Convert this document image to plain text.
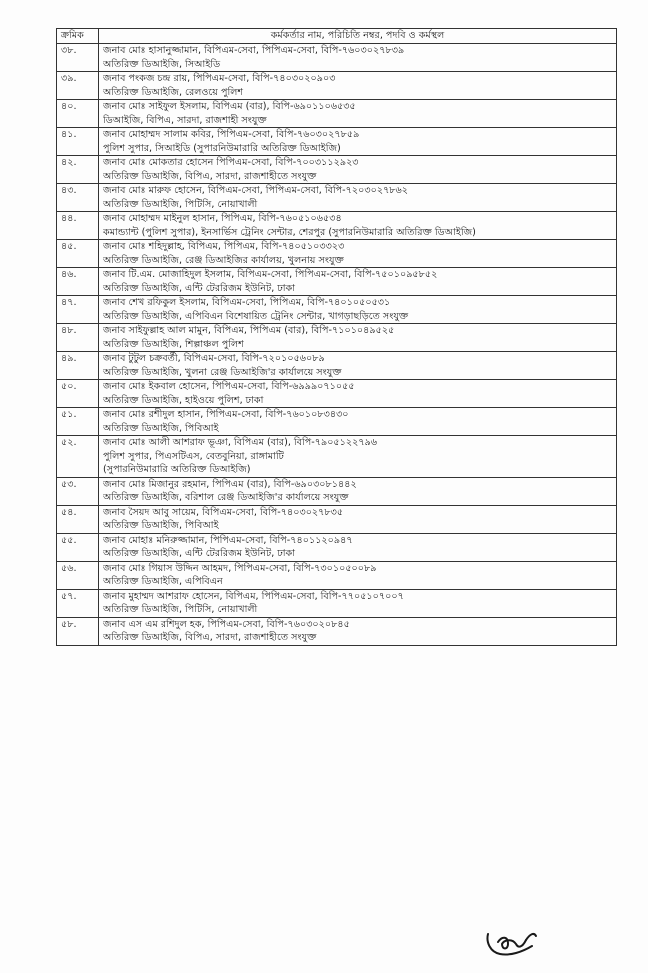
ক্রমিক	কর্মকর্তার নাম, পরিচিতি নম্বর, পদবি ও কর্মস্থল
৩৮.	জনাব মোঃ হাসানুজ্জামান, বিপিএম-সেবা, পিপিএম-সেবা, বিপি-৭৬০৩০২৭৮৩৯
অতিরিক্ত ডিআইজি, সিআইডি

৩৯.	জনাব পংকজ চন্দ্র রায়, পিপিএম-সেবা, বিপি-৭৪০৩০২০৯০৩
অতিরিক্ত ডিআইজি, রেলওয়ে পুলিশ

৪০.	জনাব মোঃ সাইফুল ইসলাম, বিপিএম (বার), বিপি-৬৯০১১০৬৫৩৫
ডিআইজি, বিপিএ, সারদা, রাজশাহী সংযুক্ত

৪১.	জনাব মোহাম্মদ সালাম কবির, পিপিএম-সেবা, বিপি-৭৬০৩০২৭৮৫৯
পুলিশ সুপার, সিআইডি (সুপারনিউমারারি অতিরিক্ত ডিআইজি)

৪২.	জনাব মোঃ মোকতার হোসেন পিপিএম-সেবা, বিপি-৭০০৩১১২৯২৩
অতিরিক্ত ডিআইজি, বিপিএ, সারদা, রাজশাহীতে সংযুক্ত

৪৩.	জনাব মোঃ মারুফ হোসেন, বিপিএম-সেবা, পিপিএম-সেবা, বিপি-৭২০৩০২৭৮৬২
অতিরিক্ত ডিআইজি, পিটিসি, নোয়াখালী

৪৪.	জনাব মোহাম্মদ মাইনুল হাসান, পিপিএম, বিপি-৭৬০৫১০৬৫৩৪
কমান্ড্যান্ট (পুলিশ সুপার), ইনসার্ভিস ট্রেনিং সেন্টার, শেরপুর (সুপারনিউমারারি অতিরিক্ত ডিআইজি)

৪৫.	জনাব মোঃ শহিদুল্লাহ, বিপিএম, পিপিএম, বিপি-৭৪০৫১০৩৩২৩
অতিরিক্ত ডিআইজি, রেঞ্জ ডিআইজির কার্যালয়, খুলনায় সংযুক্ত

৪৬.	জনাব টি.এম. মোজাহিদুল ইসলাম, বিপিএম-সেবা, পিপিএম-সেবা, বিপি-৭৫০১০৯৫৮৫২
অতিরিক্ত ডিআইজি, এন্টি টেররিজম ইউনিট, ঢাকা

৪৭.	জনাব শেখ রফিকুল ইসলাম, বিপিএম-সেবা, পিপিএম, বিপি-৭৪০১০৫০৫৩১
অতিরিক্ত ডিআইজি, এপিবিএন বিশেষায়িত ট্রেনিং সেন্টার, খাগড়াছড়িতে সংযুক্ত

৪৮.	জনাব সাইফুল্লাহ আল মামুন, বিপিএম, পিপিএম (বার), বিপি-৭১০১০৪৯৫২৫
অতিরিক্ত ডিআইজি, শিল্পাঞ্চল পুলিশ

৪৯.	জনাব টুটুল চক্রবর্তী, বিপিএম-সেবা, বিপি-৭২০১০৫৬০৮৯
অতিরিক্ত ডিআইজি, খুলনা রেঞ্জ ডিআইজি'র কার্যালয়ে সংযুক্ত

৫০.	জনাব মোঃ ইকবাল হোসেন, পিপিএম-সেবা, বিপি-৬৯৯৯০৭১০৫৫
অতিরিক্ত ডিআইজি, হাইওয়ে পুলিশ, ঢাকা

৫১.	জনাব মোঃ রশীদুল হাসান, পিপিএম-সেবা, বিপি-৭৬০১০৮৩৪৩০
অতিরিক্ত ডিআইজি, পিবিআই

৫২.	জনাব মোঃ আলী আশরাফ ভূঞা, বিপিএম (বার), বিপি-৭৯০৫১২২৭৯৬
পুলিশ সুপার, পিএসটিএস, বেতবুনিয়া, রাঙ্গামাটি
(সুপারনিউমারারি অতিরিক্ত ডিআইজি)

৫৩.	জনাব মোঃ মিজানুর রহমান, পিপিএম (বার), বিপি-৬৯০৩০৮১৪৪২
অতিরিক্ত ডিআইজি, বরিশাল রেঞ্জ ডিআইজি'র কার্যালয়ে সংযুক্ত

৫৪.	জনাব সৈয়দ আবু সায়েম, বিপিএম-সেবা, বিপি-৭৪০৩০২৭৮৩৫
অতিরিক্ত ডিআইজি, পিবিআই

৫৫.	জনাব মোহাঃ মনিরুজ্জামান, পিপিএম-সেবা, বিপি-৭৪০১১২০৯৪৭
অতিরিক্ত ডিআইজি, এন্টি টেররিজম ইউনিট, ঢাকা

৫৬.	জনাব মোঃ গিয়াস উদ্দিন আহমদ, পিপিএম-সেবা, বিপি-৭৩০১০৫০০৮৯
অতিরিক্ত ডিআইজি, এপিবিএন

৫৭.	জনাব মুহাম্মদ আশরাফ হোসেন, বিপিএম, পিপিএম-সেবা, বিপি-৭৭০৫১০৭০০৭
অতিরিক্ত ডিআইজি, পিটিসি, নোয়াখালী

৫৮.	জনাব এস এম রশিদুল হক, পিপিএম-সেবা, বিপি-৭৬০৩০২০৮৪৫
অতিরিক্ত ডিআইজি, বিপিএ, সারদা, রাজশাহীতে সংযুক্ত
